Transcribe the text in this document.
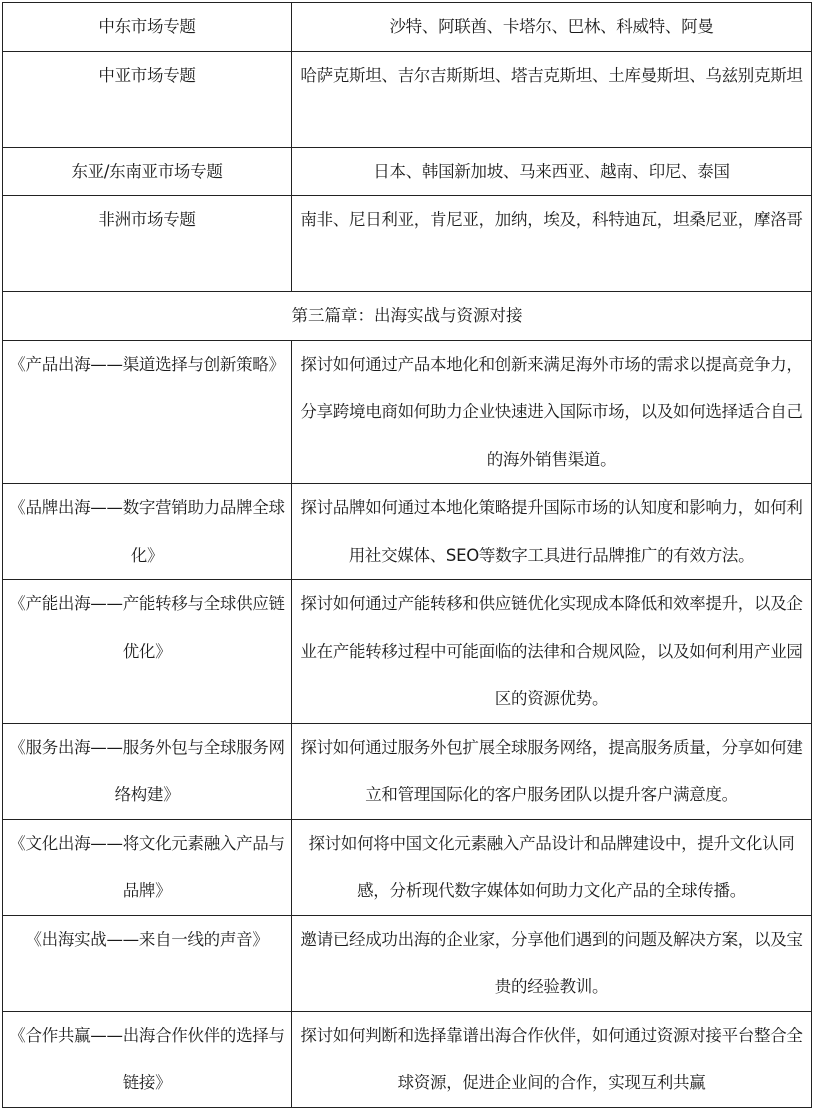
中东市场专题	沙特、阿联酋、卡塔尔、巴林、科威特、阿曼
中亚市场专题	哈萨克斯坦、吉尔吉斯斯坦、塔吉克斯坦、土库曼斯坦、乌兹别克斯坦
东亚/东南亚市场专题	日本、韩国新加坡、马来西亚、越南、印尼、泰国
非洲市场专题	南非、尼日利亚，肯尼亚，加纳，埃及，科特迪瓦，坦桑尼亚，摩洛哥
第三篇章：出海实战与资源对接	
《产品出海——渠道选择与创新策略》	探讨如何通过产品本地化和创新来满足海外市场的需求以提高竞争力，分享跨境电商如何助力企业快速进入国际市场，以及如何选择适合自己的海外销售渠道。
《品牌出海——数字营销助力品牌全球化》	探讨品牌如何通过本地化策略提升国际市场的认知度和影响力，如何利用社交媒体、SEO等数字工具进行品牌推广的有效方法。
《产能出海——产能转移与全球供应链优化》	探讨如何通过产能转移和供应链优化实现成本降低和效率提升，以及企业在产能转移过程中可能面临的法律和合规风险，以及如何利用产业园区的资源优势。
《服务出海——服务外包与全球服务网络构建》	探讨如何通过服务外包扩展全球服务网络，提高服务质量，分享如何建立和管理国际化的客户服务团队以提升客户满意度。
《文化出海——将文化元素融入产品与品牌》	探讨如何将中国文化元素融入产品设计和品牌建设中，提升文化认同感，分析现代数字媒体如何助力文化产品的全球传播。
《出海实战——来自一线的声音》	邀请已经成功出海的企业家，分享他们遇到的问题及解决方案，以及宝贵的经验教训。
《合作共赢——出海合作伙伴的选择与链接》	探讨如何判断和选择靠谱出海合作伙伴，如何通过资源对接平台整合全球资源，促进企业间的合作，实现互利共赢
